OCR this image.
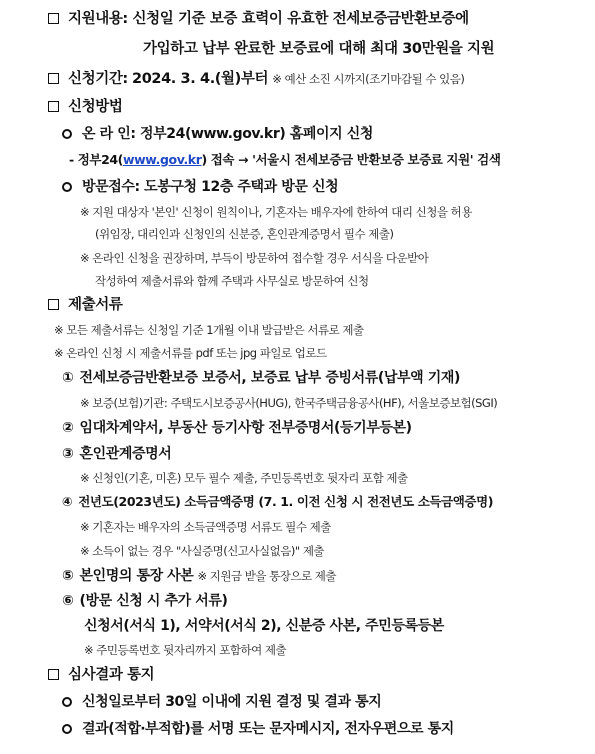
지원내용: 신청일 기준 보증 효력이 유효한 전세보증금반환보증에
가입하고 납부 완료한 보증료에 대해 최대 30만원을 지원
신청기간: 2024. 3. 4.(월)부터 ※ 예산 소진 시까지(조기마감될 수 있음)
신청방법
온 라 인: 정부24(www.gov.kr) 홈페이지 신청
- 정부24(www.gov.kr) 접속 → '서울시 전세보증금 반환보증 보증료 지원' 검색
방문접수: 도봉구청 12층 주택과 방문 신청
※ 지원 대상자 '본인' 신청이 원칙이나, 기혼자는 배우자에 한하여 대리 신청을 허용
(위임장, 대리인과 신청인의 신분증, 혼인관계증명서 필수 제출)
※ 온라인 신청을 권장하며, 부득이 방문하여 접수할 경우 서식을 다운받아
작성하여 제출서류와 함께 주택과 사무실로 방문하여 신청
제출서류
※ 모든 제출서류는 신청일 기준 1개월 이내 발급받은 서류로 제출
※ 온라인 신청 시 제출서류를 pdf 또는 jpg 파일로 업로드
① 전세보증금반환보증 보증서, 보증료 납부 증빙서류(납부액 기재)
※ 보증(보험)기관: 주택도시보증공사(HUG), 한국주택금융공사(HF), 서울보증보험(SGI)
② 임대차계약서, 부동산 등기사항 전부증명서(등기부등본)
③ 혼인관계증명서
※ 신청인(기혼, 미혼) 모두 필수 제출, 주민등록번호 뒷자리 포함 제출
④ 전년도(2023년도) 소득금액증명 (7. 1. 이전 신청 시 전전년도 소득금액증명)
※ 기혼자는 배우자의 소득금액증명 서류도 필수 제출
※ 소득이 없는 경우 "사실증명(신고사실없음)" 제출
⑤ 본인명의 통장 사본 ※ 지원금 받을 통장으로 제출
⑥ (방문 신청 시 추가 서류)
신청서(서식 1), 서약서(서식 2), 신분증 사본, 주민등록등본
※ 주민등록번호 뒷자리까지 포함하여 제출
심사결과 통지
신청일로부터 30일 이내에 지원 결정 및 결과 통지
결과(적합‧부적합)를 서명 또는 문자메시지, 전자우편으로 통지
